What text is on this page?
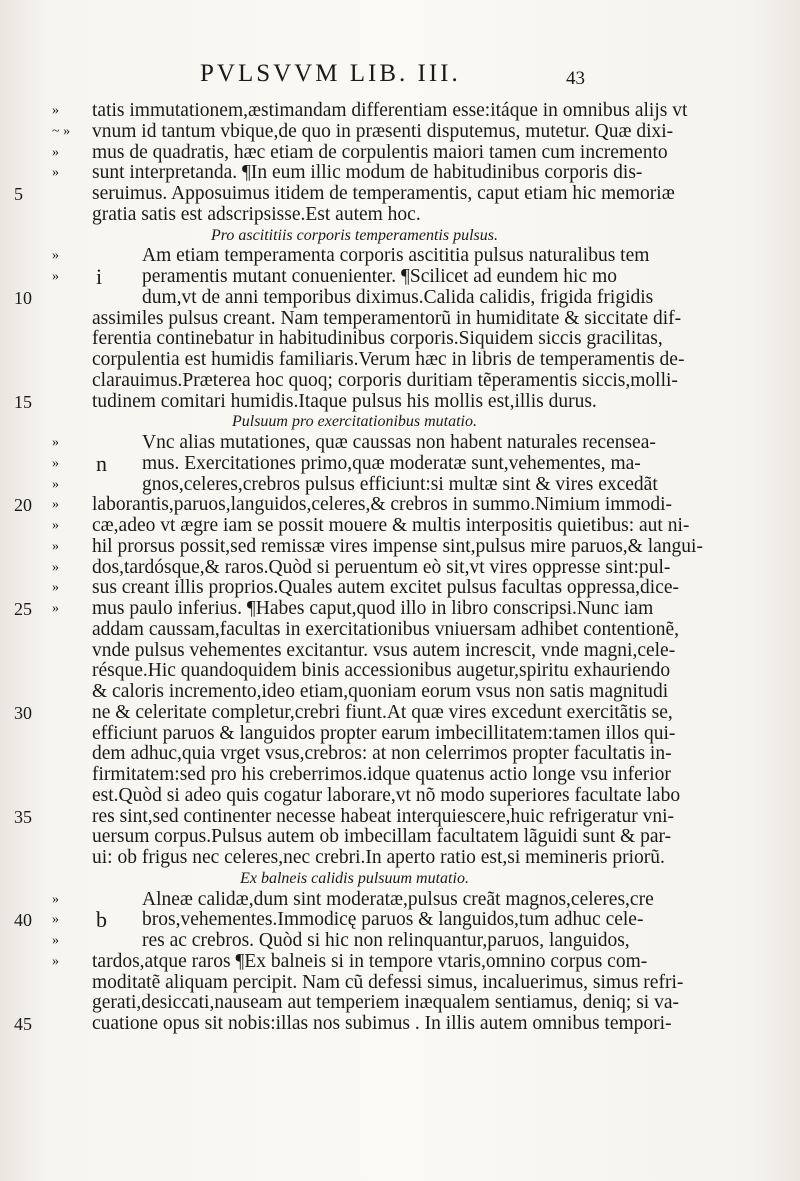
PVLSVVM LIB. III.	43
»	tatis immutationem,æstimandam differentiam esse:itáque in omnibus alijs vt
~ »	vnum id tantum vbique,de quo in præsenti disputemus, mutetur. Quæ dixi-
»	mus de quadratis, hæc etiam de corpulentis maiori tamen cum incremento
»	sunt interpretanda. ¶In eum illic modum de habitudinibus corporis dis-
5	seruimus. Apposuimus itidem de temperamentis, caput etiam hic memoriæ
gratia satis est adscripsisse.Est autem hoc.
Pro ascititiis corporis temperamentis pulsus.
»	Am etiam temperamenta corporis ascititia pulsus naturalibus tem
»	i	peramentis mutant conuenienter. ¶Scilicet ad eundem hic mo
10	dum,vt de anni temporibus diximus.Calida calidis, frigida frigidis
assimiles pulsus creant. Nam temperamentorũ in humiditate & siccitate dif-
ferentia continebatur in habitudinibus corporis.Siquidem siccis gracilitas,
corpulentia est humidis familiaris.Verum hæc in libris de temperamentis de-
clarauimus.Præterea hoc quoq; corporis duritiam tẽperamentis siccis,molli-
15	tudinem comitari humidis.Itaque pulsus his mollis est,illis durus.
Pulsuum pro exercitationibus mutatio.
»	Vnc alias mutationes, quæ caussas non habent naturales recensea-
»	n	mus. Exercitationes primo,quæ moderatæ sunt,vehementes, ma-
»	gnos,celeres,crebros pulsus efficiunt:si multæ sint & vires excedãt
20	»	laborantis,paruos,languidos,celeres,& crebros in summo.Nimium immodi-
»	cæ,adeo vt ægre iam se possit mouere & multis interpositis quietibus: aut ni-
»	hil prorsus possit,sed remissæ vires impense sint,pulsus mire paruos,& langui-
»	dos,tardósque,& raros.Quòd si peruentum eò sit,vt vires oppresse sint:pul-
»	sus creant illis proprios.Quales autem excitet pulsus facultas oppressa,dice-
25	»	mus paulo inferius. ¶Habes caput,quod illo in libro conscripsi.Nunc iam
addam caussam,facultas in exercitationibus vniuersam adhibet contentionẽ,
vnde pulsus vehementes excitantur. vsus autem increscit, vnde magni,cele-
résque.Hic quandoquidem binis accessionibus augetur,spiritu exhauriendo
& caloris incremento,ideo etiam,quoniam eorum vsus non satis magnitudi
30	ne & celeritate completur,crebri fiunt.At quæ vires excedunt exercitãtis se,
efficiunt paruos & languidos propter earum imbecillitatem:tamen illos qui-
dem adhuc,quia vrget vsus,crebros: at non celerrimos propter facultatis in-
firmitatem:sed pro his creberrimos.idque quatenus actio longe vsu inferior
est.Quòd si adeo quis cogatur laborare,vt nõ modo superiores facultate labo
35	res sint,sed continenter necesse habeat interquiescere,huic refrigeratur vni-
uersum corpus.Pulsus autem ob imbecillam facultatem lãguidi sunt & par-
ui: ob frigus nec celeres,nec crebri.In aperto ratio est,si memineris priorũ.
Ex balneis calidis pulsuum mutatio.
»	Alneæ calidæ,dum sint moderatæ,pulsus creãt magnos,celeres,cre
40	»	b	bros,vehementes.Immodicę paruos & languidos,tum adhuc cele-
»	res ac crebros. Quòd si hic non relinquantur,paruos, languidos,
»	tardos,atque raros ¶Ex balneis si in tempore vtaris,omnino corpus com-
moditatẽ aliquam percipit. Nam cũ defessi simus, incaluerimus, simus refri-
gerati,desiccati,nauseam aut temperiem inæqualem sentiamus, deniq; si va-
45	cuatione opus sit nobis:illas nos subimus . In illis autem omnibus tempori-
